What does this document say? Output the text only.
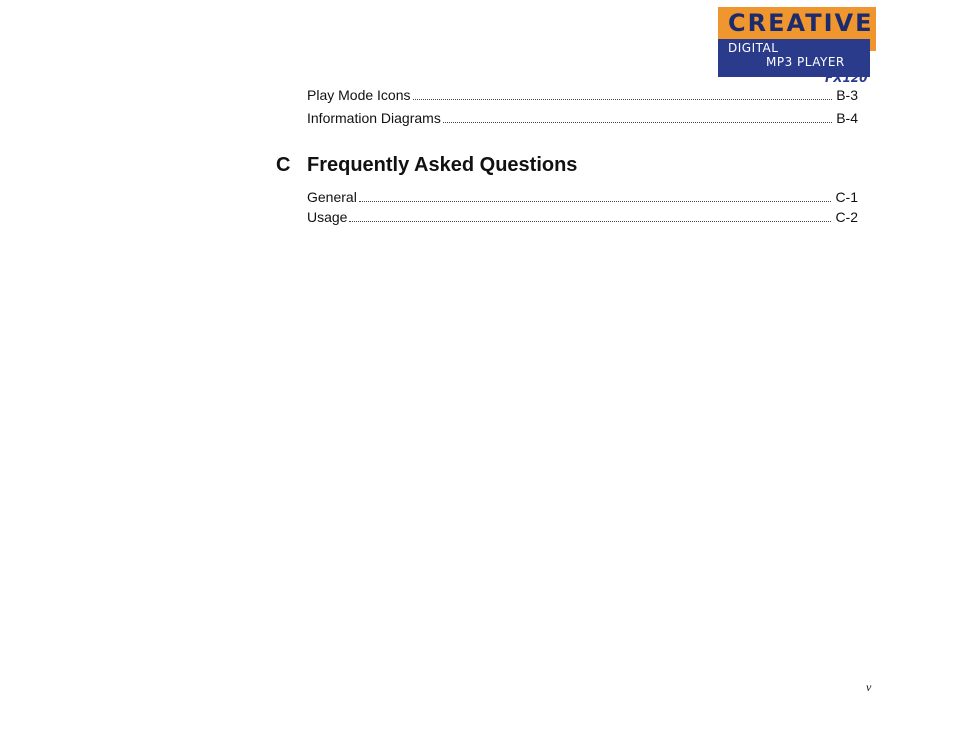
CREATIVE
DIGITAL
MP3 PLAYER
FX120
Play Mode Icons	B-3
Information Diagrams	B-4
C Frequently Asked Questions
General	C-1
Usage	C-2
v
